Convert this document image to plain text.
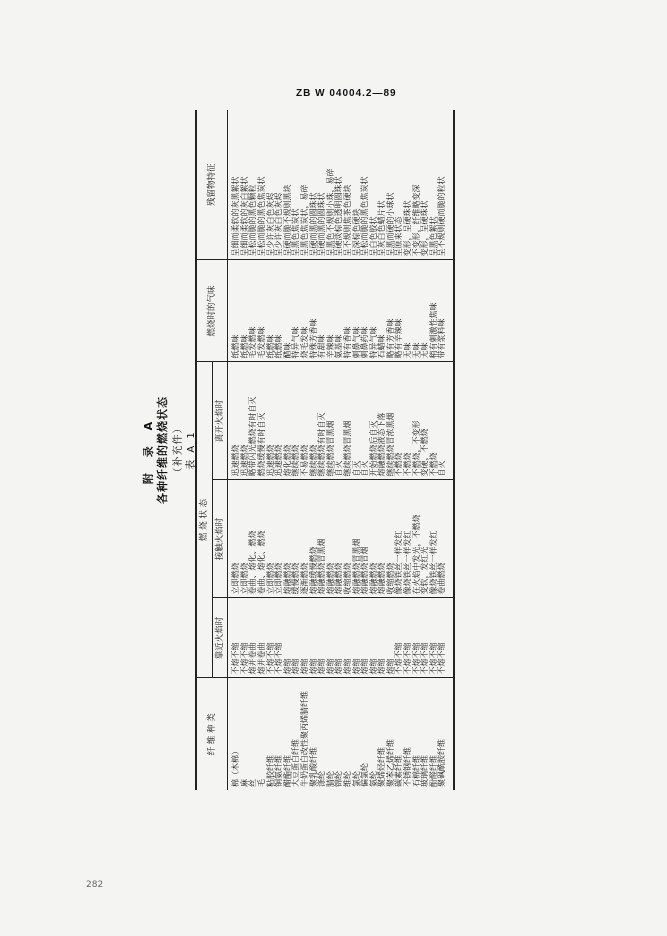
ZB W 04004.2—89
附 录 A 各种纤维的燃烧状态 （补充件） 表 A 1
纤 维 种 类	燃 烧 状 态			燃烧时的气味	残留物特征
	靠近火焰时	接触火焰时	离开火焰时		
棉（木棉）	不熔不缩	立即燃烧	迅速燃烧	纸燃味	呈细而柔软的灰黑絮状
麻	不熔不缩	立即燃烧	迅速燃烧	纸燃味	呈细而柔软的灰白絮状
丝	熔并卷曲	卷曲、熔化、燃烧	略带闪光燃烧有时自灭	毛发燃味	呈松而脆的黑色颗粒
毛	熔并卷曲	卷曲、熔化、燃烧	燃烧缓慢有时自灭	毛发燃味	呈松而脆的黑色焦炭状
粘胶纤维	不熔不缩	立即燃烧	迅速燃烧	纸燃味	呈少许灰白色灰烬
铜氨纤维	不熔不缩	立即燃烧	迅速燃烧	纸燃味	呈少许灰白色灰烬
醋酯纤维	熔缩	熔融燃烧	熔化燃烧	醋味	呈硬而脆不规则黑块
大豆蛋白纤维	熔缩	缓慢燃烧	继续燃烧	特异气味	呈黑色焦炭状
牛奶蛋白改性聚丙烯腈纤维	熔缩	逐渐燃烧	不易燃烧	烧毛发味	呈黑色焦炭状，易碎
聚乳酸纤维	熔缩	熔融缓慢燃烧	继续燃烧	特殊芳香味	呈硬而黑的圆珠状
涤纶	熔缩	熔融燃烧冒黑烟	继续燃烧有时自灭	有甜味	呈硬而黑的圆珠状
腈纶	熔缩	熔融燃烧	继续燃烧冒黑烟	辛辣味	呈黑色不规则小珠，易碎
锦纶	熔缩	熔融燃烧	自灭	氨基味	呈硬淡棕色透明圆珠状
维纶	熔缩	收缩燃烧	继续燃烧冒黑烟	特有香味	呈不规则焦茶色硬块
氯纶	熔缩	熔融燃烧冒黑烟	自灭	刺鼻气味	呈深棕色硬块
偏氯纶	熔缩	熔融燃烧冒烟	自灭	刺鼻药味	呈松而脆的黑色焦炭状
氨纶	熔缩	熔融燃烧	开始燃烧后自灭	特异气味	呈白色胶状
聚烯烃纤维	熔缩	熔融燃烧	熔融燃烧液态下落	石蜡味	呈灰白色蜡片状
聚苯乙烯纤维	熔缩	收缩燃烧	继续燃烧冒浓黑烟	略有芳香味	呈黑而硬的小球状
碳素纤维	不熔不缩	像烧铁丝一样发红	不燃烧	略有辛辣味	呈原来状态
不锈钢纤维	不熔不缩	像烧铁丝一样发红	不燃烧	无味	变形，呈硬珠状
石棉纤维	不熔不缩	在火焰中发光，不燃烧	不燃烧，不变形	无味	不变形，纤维略变深
玻璃纤维	不熔不缩	变软，发红光	变硬，不燃烧	无味	变形，呈硬珠状
酚醛纤维	不熔不缩	像烧铁丝一样发红	不燃烧	稍有刺激性焦味	呈黑色絮状
聚砜酰胺纤维	不熔不缩	卷曲燃烧	自灭	带有浆料味	呈不规则硬而脆的粒状
282
